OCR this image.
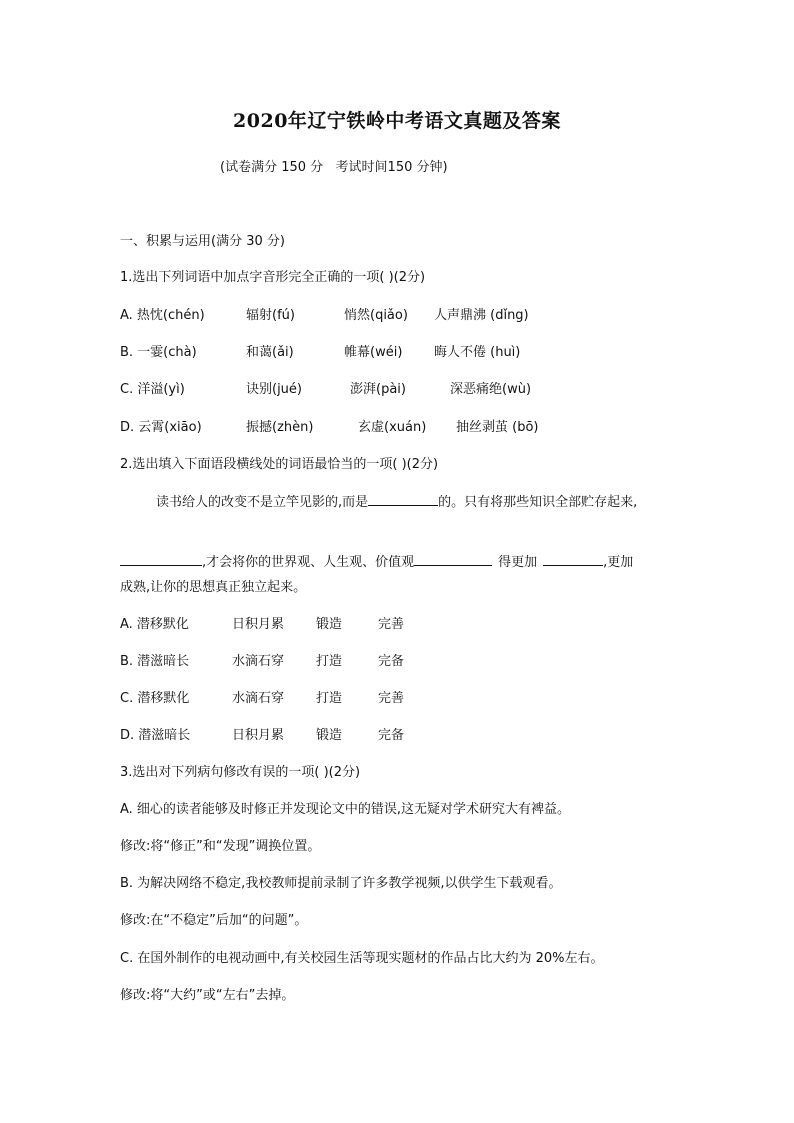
2020年辽宁铁岭中考语文真题及答案
(试卷满分 150 分   考试时间150 分钟)
一、积累与运用(满分 30 分)
1.选出下列词语中加点字音形完全正确的一项( )(2分)
A. 热忱(chén)	辐射(fú)	悄然(qiǎo) 人声鼎沸 (dǐng)
B. 一霎(chà)	和蔼(ǎi)	帷幕(wéi) 晦人不倦 (huì)
C. 洋溢(yì)	诀别(jué)	澎湃(pài)	深恶痛绝(wù)
D. 云霄(xiāo)	振撼(zhèn)	玄虚(xuán) 抽丝剥茧 (bō)
2.选出填入下面语段横线处的词语最恰当的一项( )(2分)
读书给人的改变不是立竿见影的,而是	的。只有将那些知识全部贮存起来,
,才会将你的世界观、人生观、价值观	得更加	,更加
成熟,让你的思想真正独立起来。
A. 潜移默化	日积月累 锻造	完善
B. 潜滋暗长	水滴石穿 打造	完备
C. 潜移默化	水滴石穿 打造	完善
D. 潜滋暗长	日积月累 锻造	完备
3.选出对下列病句修改有误的一项( )(2分)
A. 细心的读者能够及时修正并发现论文中的错误,这无疑对学术研究大有裨益。
修改:将“修正”和“发现”调换位置。
B. 为解决网络不稳定,我校教师提前录制了许多教学视频,以供学生下载观看。
修改:在“不稳定”后加“的问题”。
C. 在国外制作的电视动画中,有关校园生活等现实题材的作品占比大约为 20%左右。
修改:将“大约”或“左右”去掉。
